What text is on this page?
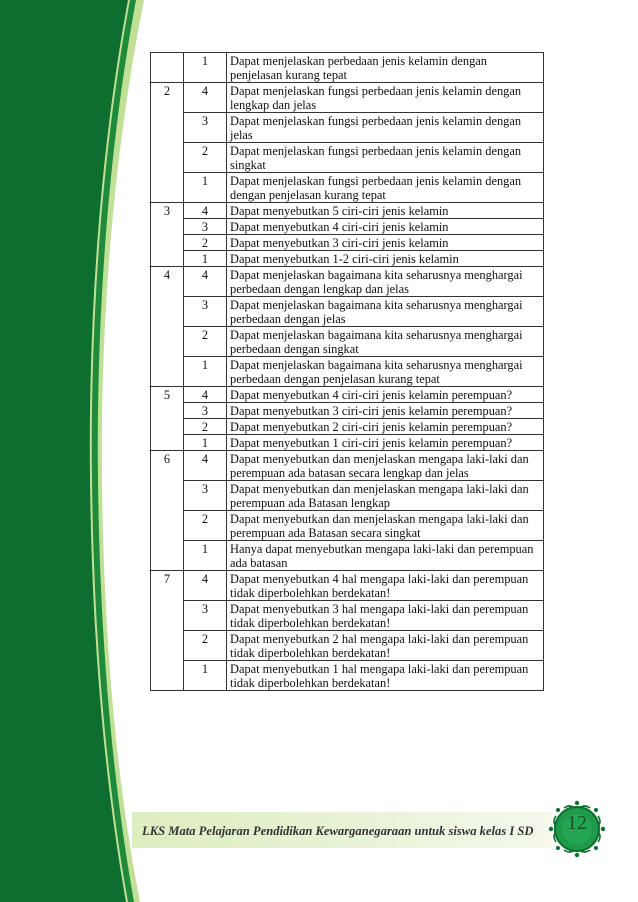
	1	Dapat menjelaskan perbedaan jenis kelamin dengan penjelasan kurang tepat
2	4	Dapat menjelaskan fungsi perbedaan jenis kelamin dengan lengkap dan jelas
	3	Dapat menjelaskan fungsi perbedaan jenis kelamin dengan jelas
	2	Dapat menjelaskan fungsi perbedaan jenis kelamin dengan singkat
	1	Dapat menjelaskan fungsi perbedaan jenis kelamin dengan dengan penjelasan kurang tepat
3	4	Dapat menyebutkan 5 ciri-ciri jenis kelamin
	3	Dapat menyebutkan 4 ciri-ciri jenis kelamin
	2	Dapat menyebutkan 3 ciri-ciri jenis kelamin
	1	Dapat menyebutkan 1-2 ciri-ciri jenis kelamin
4	4	Dapat menjelaskan bagaimana kita seharusnya menghargai perbedaan dengan lengkap dan jelas
	3	Dapat menjelaskan bagaimana kita seharusnya menghargai perbedaan dengan jelas
	2	Dapat menjelaskan bagaimana kita seharusnya menghargai perbedaan dengan singkat
	1	Dapat menjelaskan bagaimana kita seharusnya menghargai perbedaan dengan penjelasan kurang tepat
5	4	Dapat menyebutkan 4 ciri-ciri jenis kelamin perempuan?
	3	Dapat menyebutkan 3 ciri-ciri jenis kelamin perempuan?
	2	Dapat menyebutkan 2 ciri-ciri jenis kelamin perempuan?
	1	Dapat menyebutkan 1 ciri-ciri jenis kelamin perempuan?
6	4	Dapat menyebutkan dan menjelaskan mengapa laki-laki dan perempuan ada batasan secara lengkap dan jelas
	3	Dapat menyebutkan dan menjelaskan mengapa laki-laki dan perempuan ada Batasan lengkap
	2	Dapat menyebutkan dan menjelaskan mengapa laki-laki dan perempuan ada Batasan secara singkat
	1	Hanya dapat menyebutkan mengapa laki-laki dan perempuan ada batasan
7	4	Dapat menyebutkan 4 hal mengapa laki-laki dan perempuan tidak diperbolehkan berdekatan!
	3	Dapat menyebutkan 3 hal mengapa laki-laki dan perempuan tidak diperbolehkan berdekatan!
	2	Dapat menyebutkan 2 hal mengapa laki-laki dan perempuan tidak diperbolehkan berdekatan!
	1	Dapat menyebutkan 1 hal mengapa laki-laki dan perempuan tidak diperbolehkan berdekatan!
LKS Mata Pelajaran Pendidikan Kewarganegaraan untuk siswa kelas I SD	12
